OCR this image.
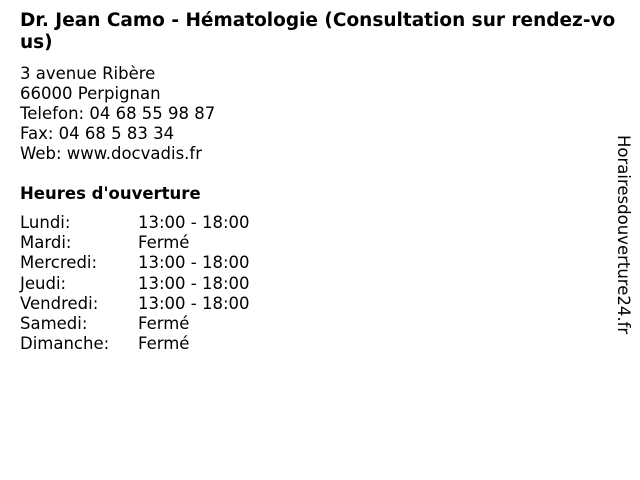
Dr. Jean Camo - Hématologie (Consultation sur rendez-vous)
3 avenue Ribère
66000 Perpignan
Telefon: 04 68 55 98 87
Fax: 04 68 5 83 34
Web: www.docvadis.fr
Heures d'ouverture
Lundi:	13:00 - 18:00
Mardi:	Fermé
Mercredi:	13:00 - 18:00
Jeudi:	13:00 - 18:00
Vendredi:	13:00 - 18:00
Samedi:	Fermé
Dimanche:	Fermé
Horairesdouverture24.fr
